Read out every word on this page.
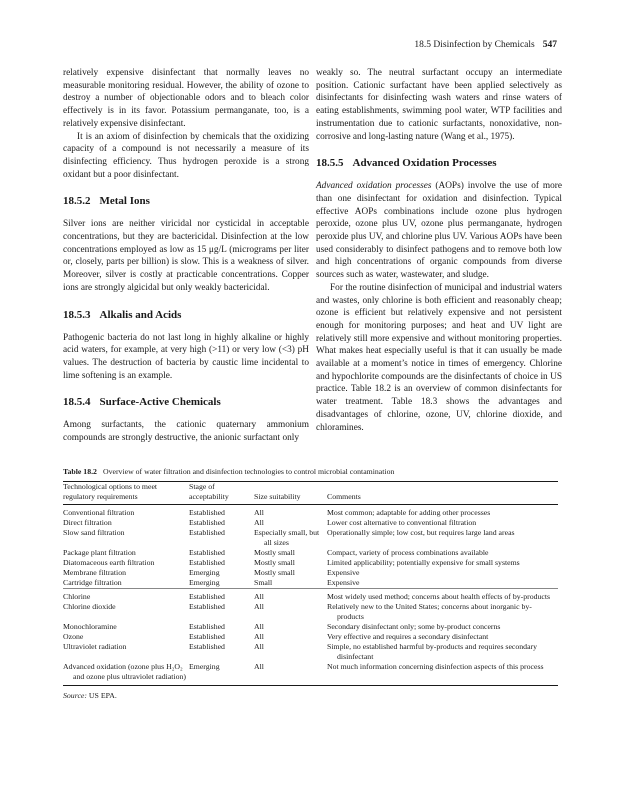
18.5 Disinfection by Chemicals 547

relatively expensive disinfectant that normally leaves no measurable monitoring residual. However, the ability of ozone to destroy a number of objectionable odors and to bleach color effectively is in its favor. Potassium permanganate, too, is a relatively expensive disinfectant.

It is an axiom of disinfection by chemicals that the oxidizing capacity of a compound is not necessarily a measure of its disinfecting efficiency. Thus hydrogen peroxide is a strong oxidant but a poor disinfectant.

18.5.2 Metal Ions

Silver ions are neither viricidal nor cysticidal in acceptable concentrations, but they are bactericidal. Disinfection at the low concentrations employed as low as 15 μg/L (micrograms per liter or, closely, parts per billion) is slow. This is a weakness of silver. Moreover, silver is costly at practicable concentrations. Copper ions are strongly algicidal but only weakly bactericidal.

18.5.3 Alkalis and Acids

Pathogenic bacteria do not last long in highly alkaline or highly acid waters, for example, at very high (>11) or very low (<3) pH values. The destruction of bacteria by caustic lime incidental to lime softening is an example.

18.5.4 Surface-Active Chemicals

Among surfactants, the cationic quaternary ammonium compounds are strongly destructive, the anionic surfactant only

weakly so. The neutral surfactant occupy an intermediate position. Cationic surfactant have been applied selectively as disinfectants for disinfecting wash waters and rinse waters of eating establishments, swimming pool water, WTP facilities and instrumentation due to cationic surfactants, nonoxidative, non-corrosive and long-lasting nature (Wang et al., 1975).

18.5.5 Advanced Oxidation Processes

Advanced oxidation processes (AOPs) involve the use of more than one disinfectant for oxidation and disinfection. Typical effective AOPs combinations include ozone plus hydrogen peroxide, ozone plus UV, ozone plus permanganate, hydrogen peroxide plus UV, and chlorine plus UV. Various AOPs have been used considerably to disinfect pathogens and to remove both low and high concentrations of organic compounds from diverse sources such as water, wastewater, and sludge.

For the routine disinfection of municipal and industrial waters and wastes, only chlorine is both efficient and reasonably cheap; ozone is efficient but relatively expensive and not persistent enough for monitoring purposes; and heat and UV light are relatively still more expensive and without monitoring properties. What makes heat especially useful is that it can usually be made available at a moment’s notice in times of emergency. Chlorine and hypochlorite compounds are the disinfectants of choice in US practice. Table 18.2 is an overview of common disinfectants for water treatment. Table 18.3 shows the advantages and disadvantages of chlorine, ozone, UV, chlorine dioxide, and chloramines.

Table 18.2 Overview of water filtration and disinfection technologies to control microbial contamination
Technological options to meet	Stage of		
regulatory requirements	acceptability	Size suitability	Comments

Conventional filtration	Established	All	Most common; adaptable for adding other processes

Direct filtration	Established	All	Lower cost alternative to conventional filtration

Slow sand filtration	Established	Especially small, but all sizes	Operationally simple; low cost, but requires large land areas

Package plant filtration	Established	Mostly small	Compact, variety of process combinations available

Diatomaceous earth filtration	Established	Mostly small	Limited applicability; potentially expensive for small systems

Membrane filtration	Emerging	Mostly small	Expensive

Cartridge filtration	Emerging	Small	Expensive

Chlorine	Established	All	Most widely used method; concerns about health effects of by-products

Chlorine dioxide	Established	All	Relatively new to the United States; concerns about inorganic by-products

Monochloramine	Established	All	Secondary disinfectant only; some by-product concerns

Ozone	Established	All	Very effective and requires a secondary disinfectant

Ultraviolet radiation	Established	All	Simple, no established harmful by-products and requires secondary disinfectant

Advanced oxidation (ozone plus H₂O₂ and ozone plus ultraviolet radiation)	Emerging	All	Not much information concerning disinfection aspects of this process
Source: US EPA.
